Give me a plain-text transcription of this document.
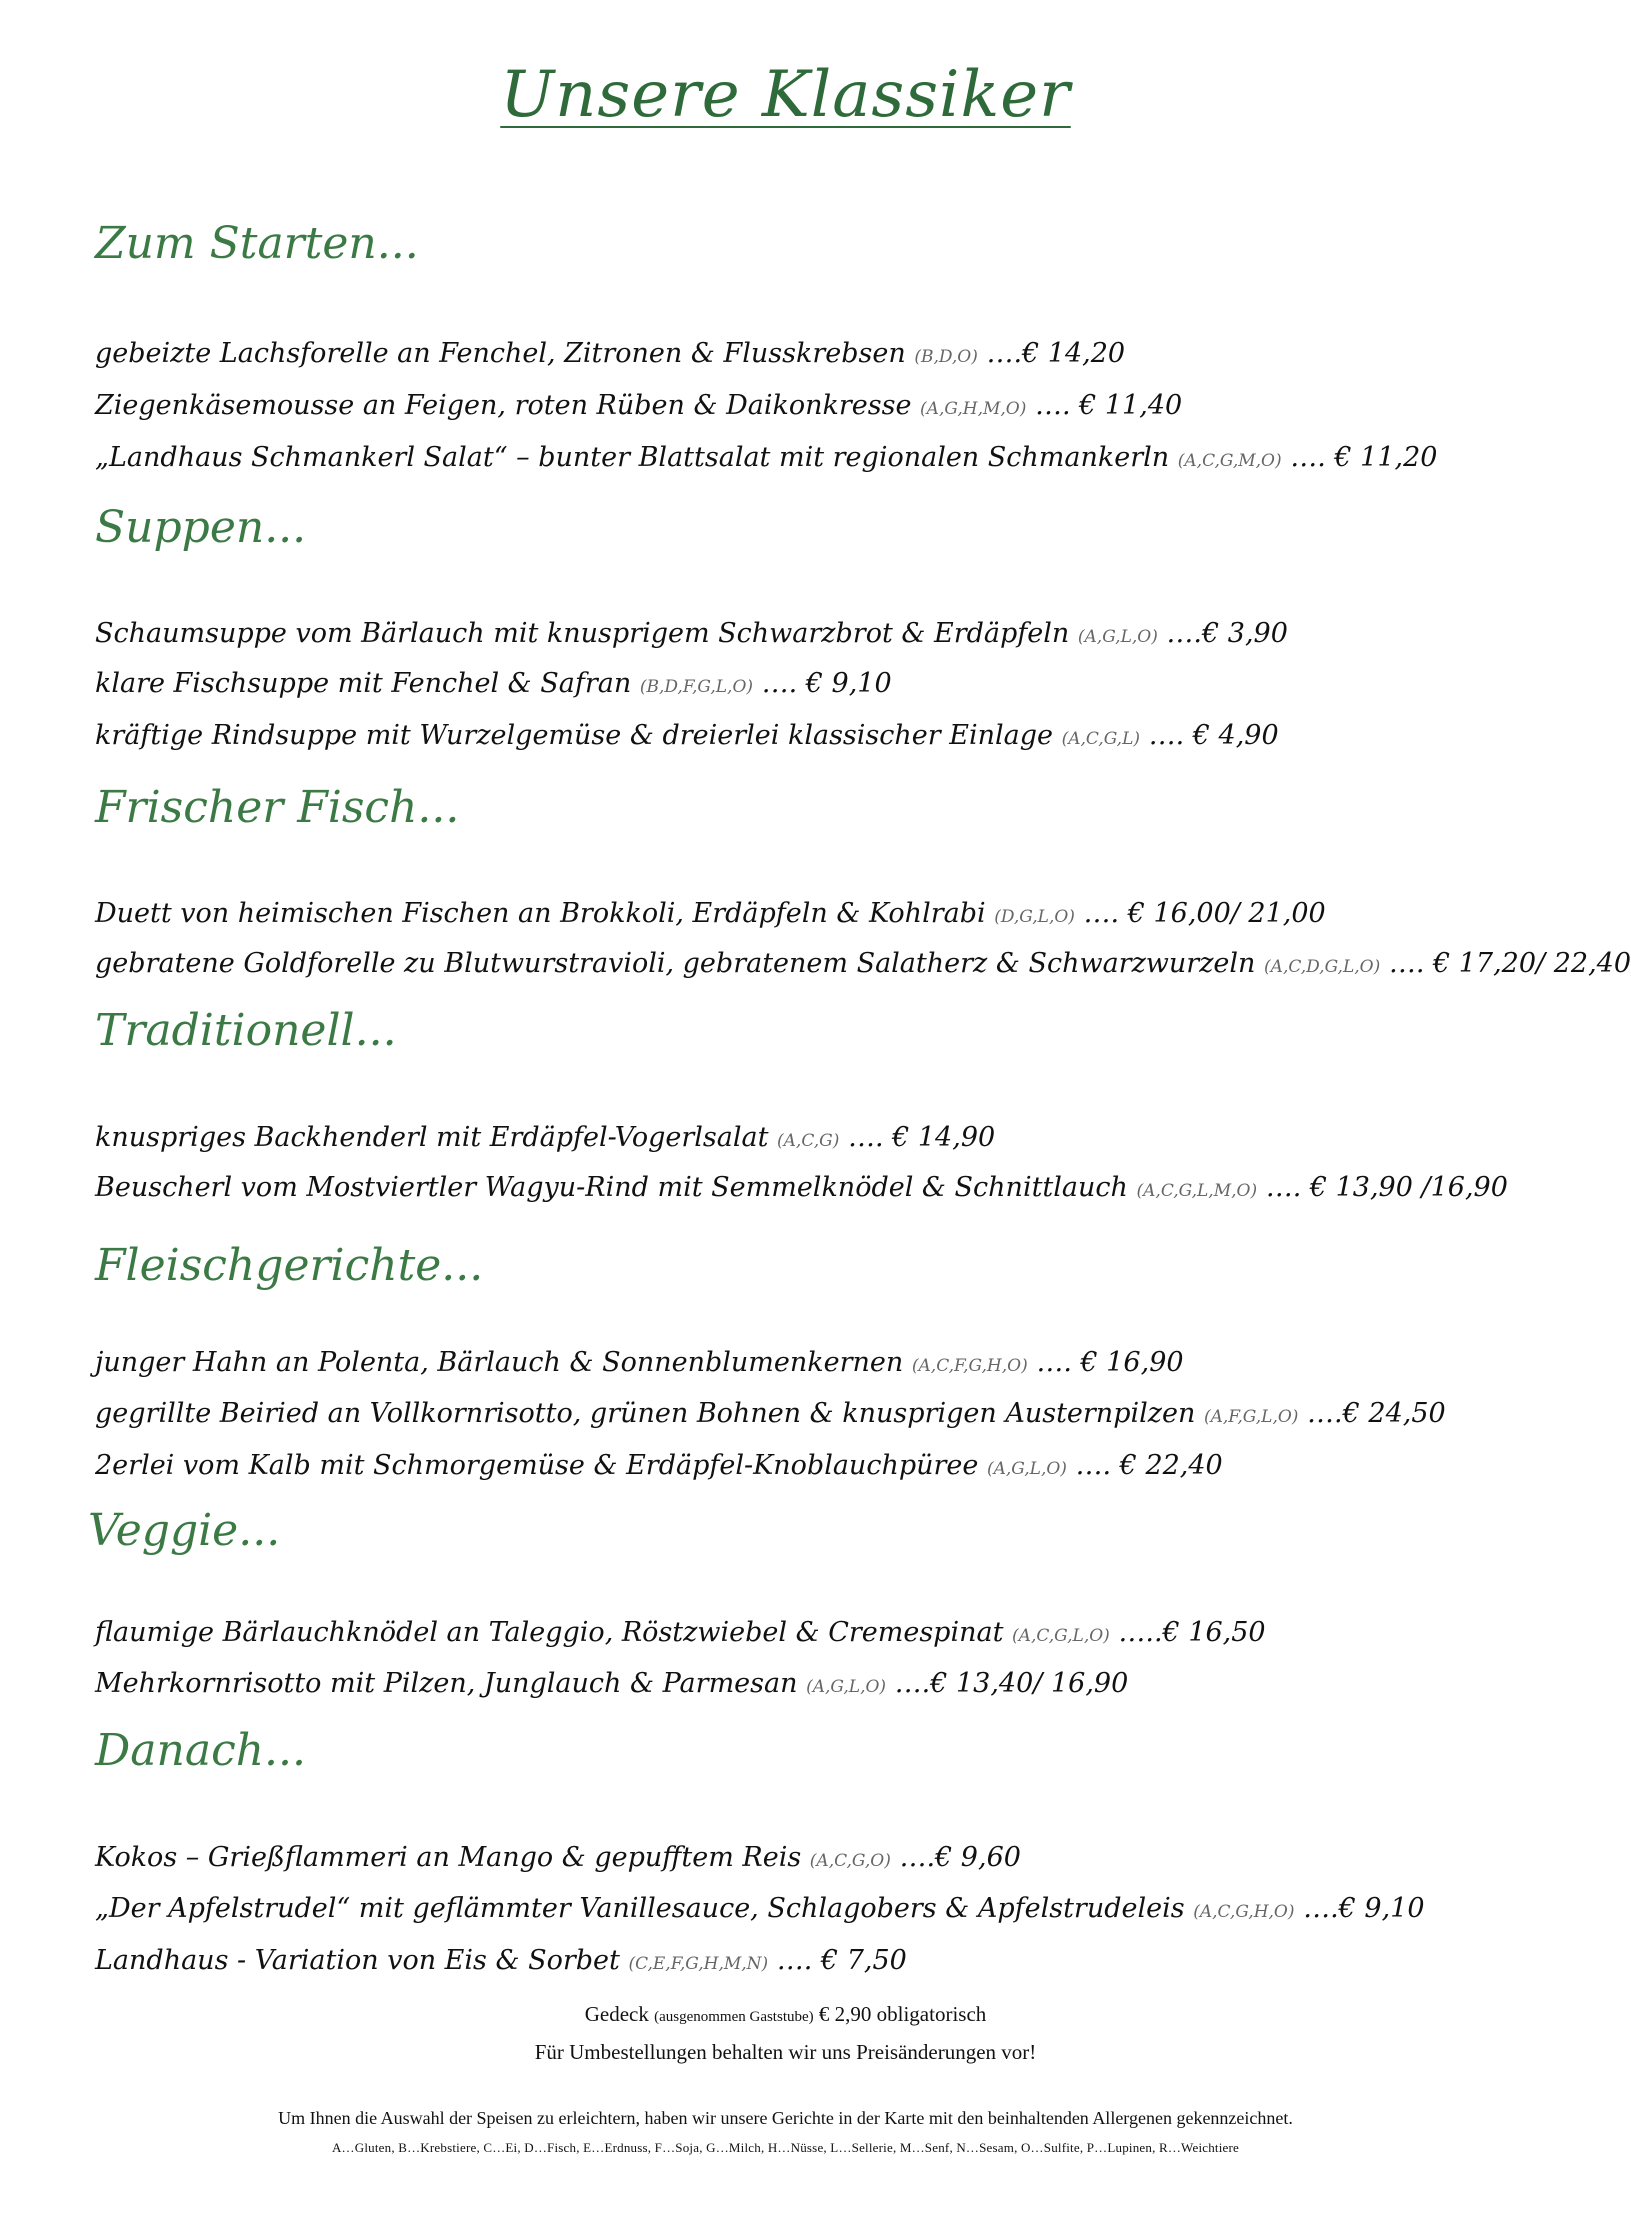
Unsere Klassiker
Zum Starten...
gebeizte Lachsforelle an Fenchel, Zitronen & Flusskrebsen (B,D,O) ….€ 14,20
Ziegenkäsemousse an Feigen, roten Rüben & Daikonkresse (A,G,H,M,O) …. € 11,40
„Landhaus Schmankerl Salat“ – bunter Blattsalat mit regionalen Schmankerln (A,C,G,M,O) …. € 11,20
Suppen...
Schaumsuppe vom Bärlauch mit knusprigem Schwarzbrot & Erdäpfeln (A,G,L,O) ….€ 3,90
klare Fischsuppe mit Fenchel & Safran (B,D,F,G,L,O) …. € 9,10
kräftige Rindsuppe mit Wurzelgemüse & dreierlei klassischer Einlage (A,C,G,L) …. € 4,90
Frischer Fisch...
Duett von heimischen Fischen an Brokkoli, Erdäpfeln & Kohlrabi (D,G,L,O) …. € 16,00/ 21,00
gebratene Goldforelle zu Blutwurstravioli, gebratenem Salatherz & Schwarzwurzeln (A,C,D,G,L,O) …. € 17,20/ 22,40
Traditionell...
knuspriges Backhenderl mit Erdäpfel-Vogerlsalat (A,C,G) …. € 14,90
Beuscherl vom Mostviertler Wagyu-Rind mit Semmelknödel & Schnittlauch (A,C,G,L,M,O) …. € 13,90 /16,90
Fleischgerichte...
junger Hahn an Polenta, Bärlauch & Sonnenblumenkernen (A,C,F,G,H,O) …. € 16,90
gegrillte Beiried an Vollkornrisotto, grünen Bohnen & knusprigen Austernpilzen (A,F,G,L,O) ….€ 24,50
2erlei vom Kalb mit Schmorgemüse & Erdäpfel-Knoblauchpüree (A,G,L,O) …. € 22,40
Veggie...
flaumige Bärlauchknödel an Taleggio, Röstzwiebel & Cremespinat (A,C,G,L,O) …..€ 16,50
Mehrkornrisotto mit Pilzen, Junglauch & Parmesan (A,G,L,O) ….€ 13,40/ 16,90
Danach...
Kokos – Grießflammeri an Mango & gepufftem Reis (A,C,G,O) ….€ 9,60
„Der Apfelstrudel“ mit geflämmter Vanillesauce, Schlagobers & Apfelstrudeleis (A,C,G,H,O) ….€ 9,10
Landhaus - Variation von Eis & Sorbet (C,E,F,G,H,M,N) …. € 7,50
Gedeck (ausgenommen Gaststube) € 2,90 obligatorisch
Für Umbestellungen behalten wir uns Preisänderungen vor!
Um Ihnen die Auswahl der Speisen zu erleichtern, haben wir unsere Gerichte in der Karte mit den beinhaltenden Allergenen gekennzeichnet.
A…Gluten, B…Krebstiere, C…Ei, D…Fisch, E…Erdnuss, F…Soja, G…Milch, H…Nüsse, L…Sellerie, M…Senf, N…Sesam, O…Sulfite, P…Lupinen, R…Weichtiere
